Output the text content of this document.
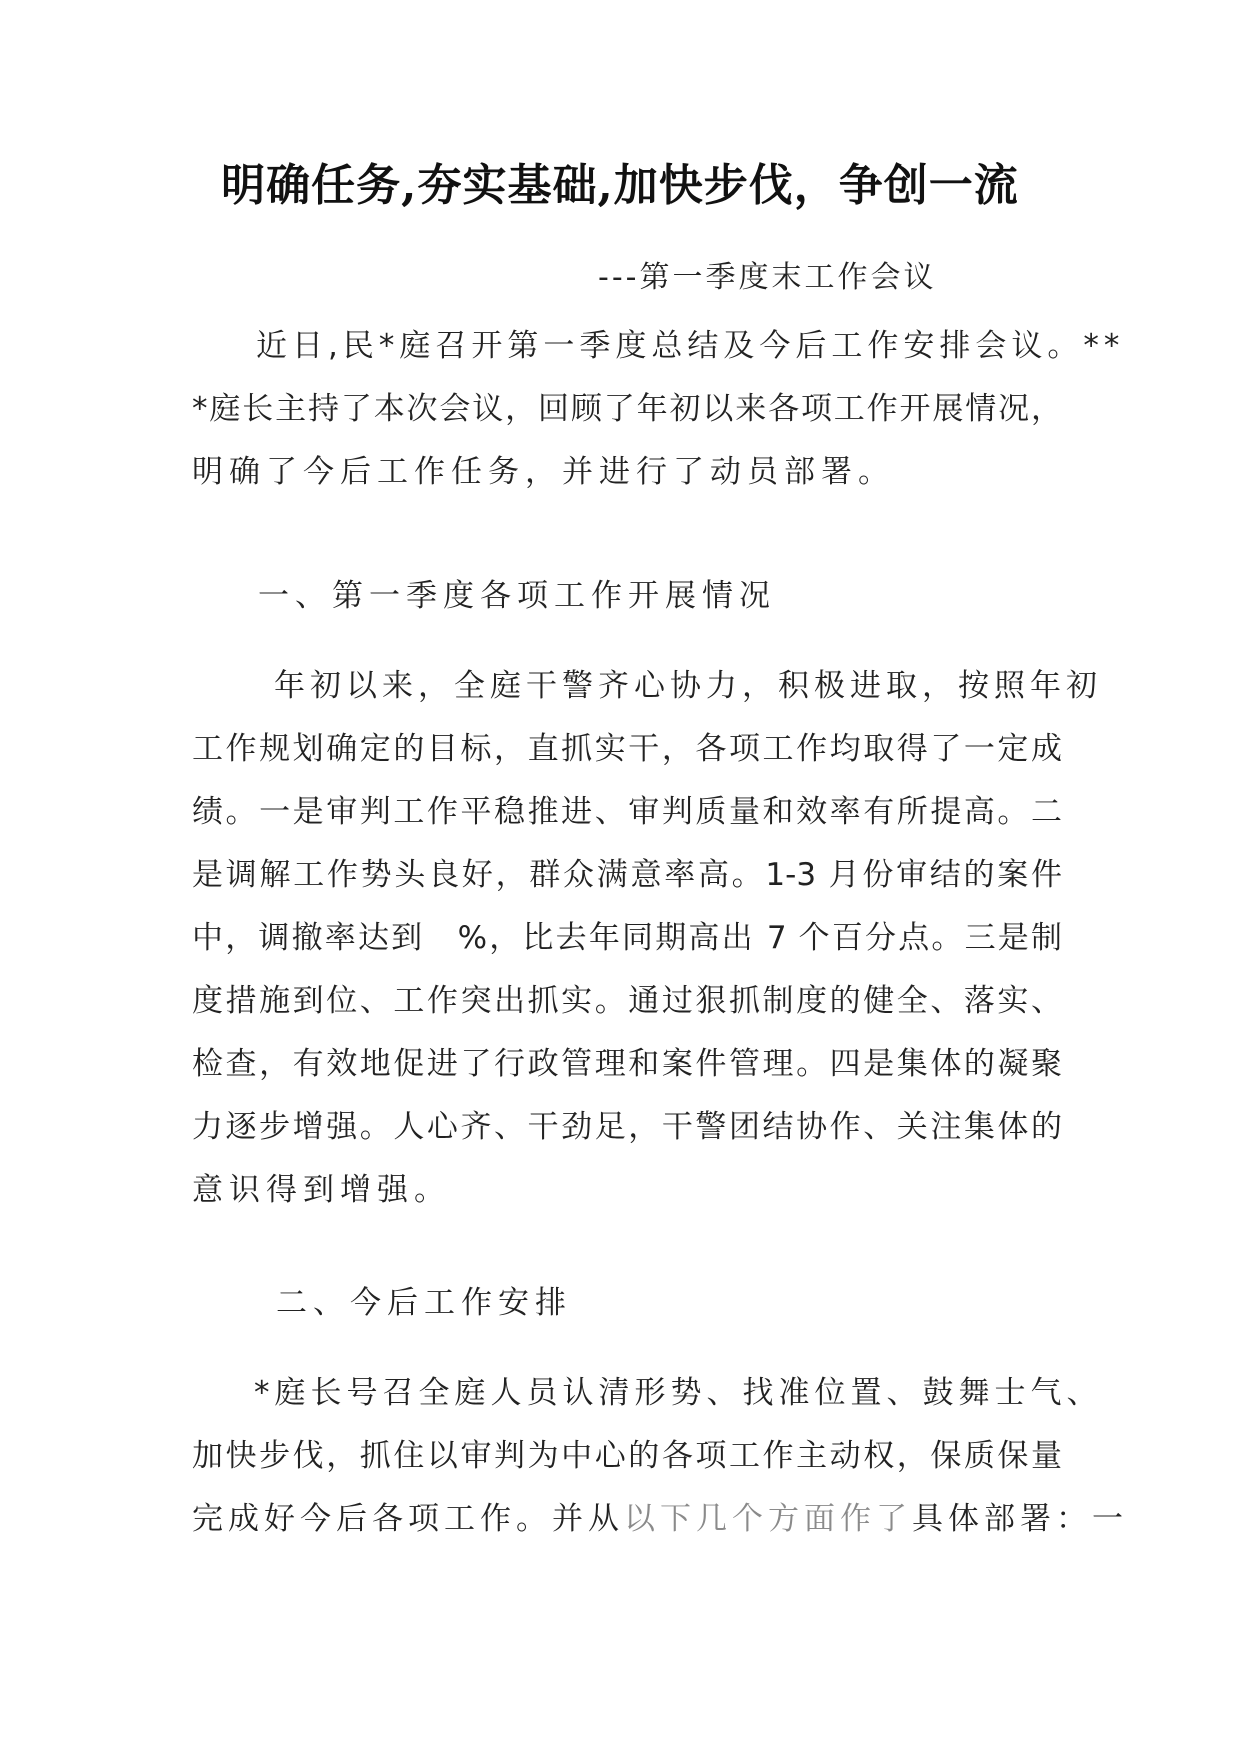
明确任务,夯实基础,加快步伐，争创一流
---第一季度末工作会议
近日,民*庭召开第一季度总结及今后工作安排会议。**
*庭长主持了本次会议，回顾了年初以来各项工作开展情况，
明确了今后工作任务，并进行了动员部署。
一、第一季度各项工作开展情况
年初以来，全庭干警齐心协力，积极进取，按照年初
工作规划确定的目标，直抓实干，各项工作均取得了一定成
绩。一是审判工作平稳推进、审判质量和效率有所提高。二
是调解工作势头良好，群众满意率高。1-3 月份审结的案件
中，调撤率达到　%，比去年同期高出 7 个百分点。三是制
度措施到位、工作突出抓实。通过狠抓制度的健全、落实、
检查，有效地促进了行政管理和案件管理。四是集体的凝聚
力逐步增强。人心齐、干劲足，干警团结协作、关注集体的
意识得到增强。
二、今后工作安排
*庭长号召全庭人员认清形势、找准位置、鼓舞士气、
加快步伐，抓住以审判为中心的各项工作主动权，保质保量
完成好今后各项工作。并从以下几个方面作了具体部署：一
